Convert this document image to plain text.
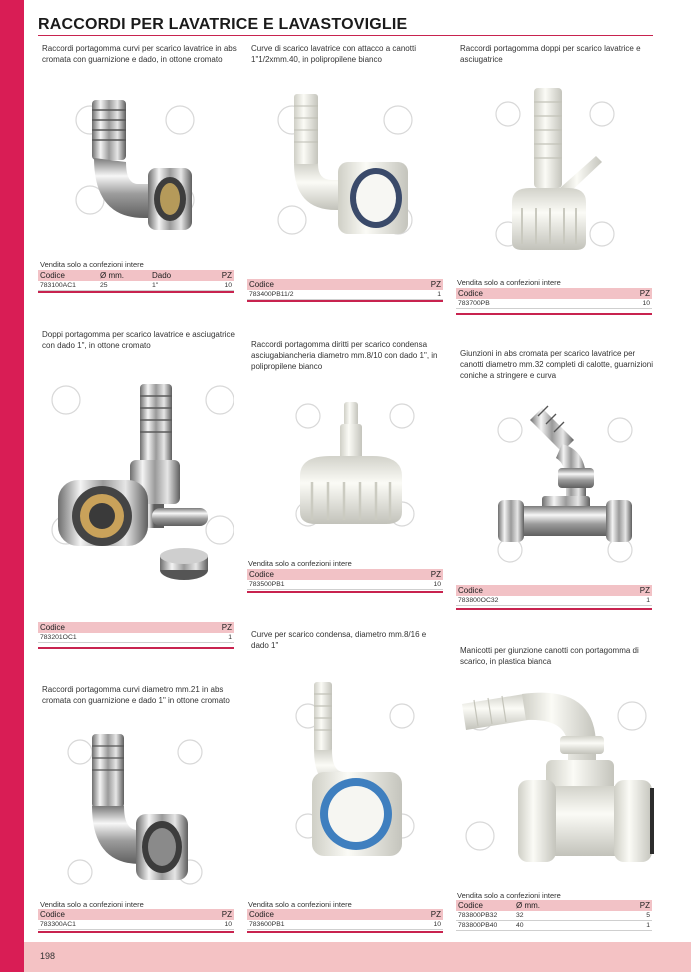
198
RACCORDI PER LAVATRICE E LAVASTOVIGLIE
Raccordi portagomma curvi per scarico lavatrice in abs cromata con guarnizione e dado, in ottone cromato
Vendita solo a confezioni intere
Codice	Ø mm.	Dado	PZ
783100AC1	25	1"	10
Curve di scarico lavatrice con attacco a canotti 1"1/2xmm.40, in polipropilene bianco
Codice	PZ
783400PB11/2	1
Raccordi portagomma doppi per scarico lavatrice e asciugatrice
Vendita solo a confezioni intere
Codice	PZ
783700PB	10
Doppi portagomma per scarico lavatrice e asciugatrice con dado 1", in ottone cromato
Codice	PZ
783201OC1	1
Raccordi portagomma diritti per scarico condensa asciugabiancheria diametro mm.8/10 con dado 1", in polipropilene bianco
Vendita solo a confezioni intere
Codice	PZ
783500PB1	10
Giunzioni in abs cromata per scarico lavatrice per canotti diametro mm.32 completi di calotte, guarnizioni coniche a stringere e curva
Codice	PZ
783800OC32	1
Raccordi portagomma curvi diametro mm.21 in abs cromata con guarnizione e dado 1" in ottone cromato
Vendita solo a confezioni intere
Codice	PZ
783300AC1	10
Curve per scarico condensa, diametro mm.8/16 e dado 1"
Vendita solo a confezioni intere
Codice	PZ
783600PB1	10
Manicotti per giunzione canotti con portagomma di scarico, in plastica bianca
Vendita solo a confezioni intere
Codice	Ø mm.	PZ
783800PB32	32	5
783800PB40	40	1
